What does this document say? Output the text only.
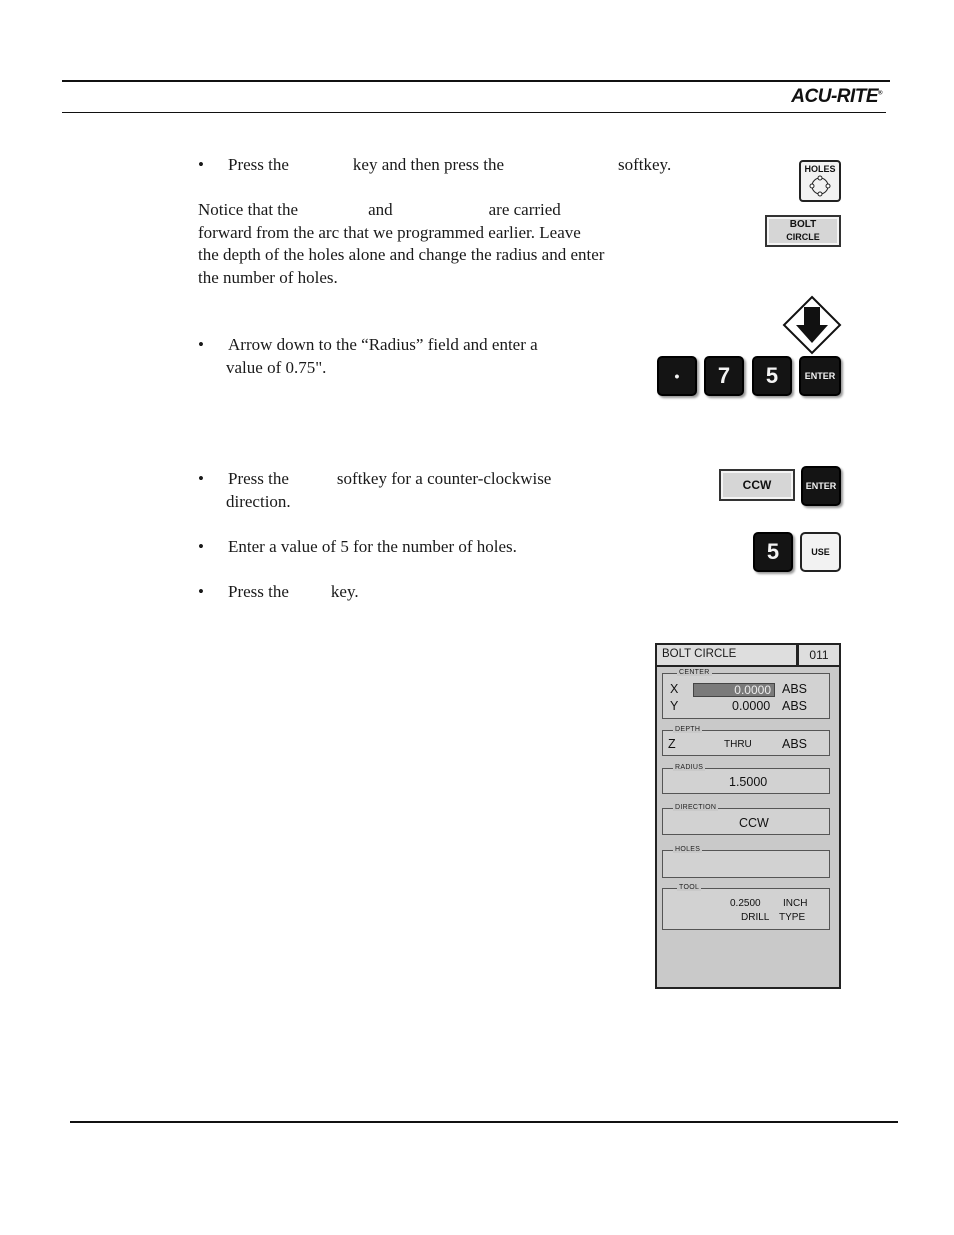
ACU-RITE®
• Press the	key and then press the	softkey.
Notice that the	and	are carried
forward from the arc that we programmed earlier. Leave
the depth of the holes alone and change the radius and enter
the number of holes.
• Arrow down to the “Radius” field and enter a
value of 0.75".
• Press the	softkey for a counter-clockwise
direction.
• Enter a value of 5 for the number of holes.
• Press the key.
HOLES
BOLT
CIRCLE
• 7 5	ENTER
CCW	ENTER
5	USE
BOLT CIRCLE	011
CENTER
X	0.0000 ABS
Y	0.0000 ABS
DEPTH
Z	THRU ABS
RADIUS
1.5000
DIRECTION
CCW
HOLES
TOOL
0.2500 INCH
DRILL TYPE
